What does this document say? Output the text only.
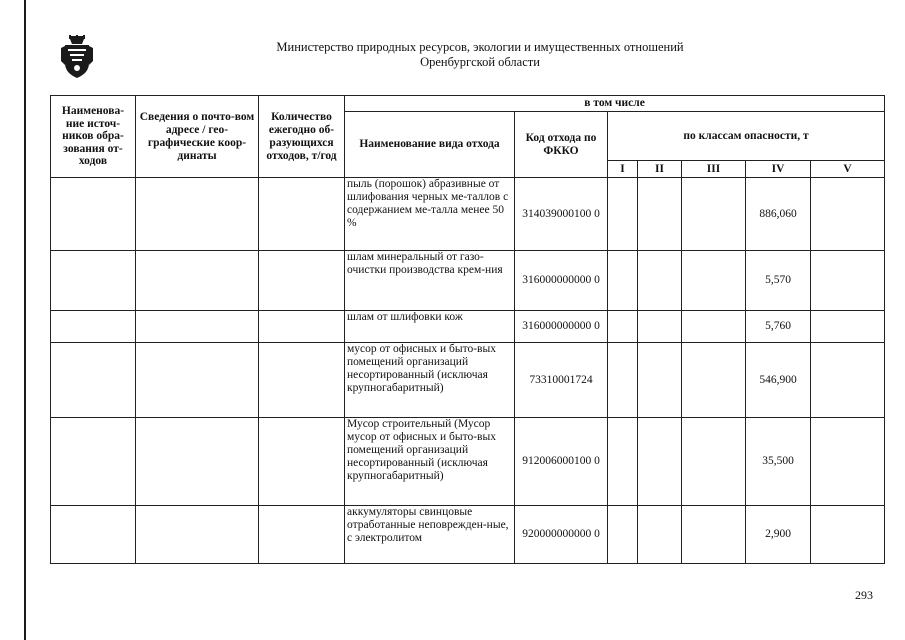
Министерство природных ресурсов, экологии и имущественных отношений
Оренбургской области
Наименова-ние источ-ников обра-зования от-ходов	Сведения о почто-вом адресе / гео-графические коор-динаты	Количество ежегодно об-разующихся отходов, т/год	в том числе						
			Наименование вида отхода	Код отхода по ФККО	по классам опасности, т				
					I	II	III	IV	V
			пыль (порошок) абразивные от шлифования черных ме-таллов с содержанием ме-талла менее 50 %	314039000100 0				886,060	
			шлам минеральный от газо-очистки производства крем-ния	316000000000 0				5,570	
			шлам от шлифовки кож	316000000000 0				5,760	
			мусор от офисных и быто-вых помещений организаций несортированный (исключая крупногабаритный)	73310001724				546,900	
			Мусор строительный (Мусор мусор от офисных и быто-вых помещений организаций несортированный (исключая крупногабаритный)	912006000100 0				35,500	
			аккумуляторы свинцовые отработанные неповрежден-ные, с электролитом	920000000000 0				2,900	
293
